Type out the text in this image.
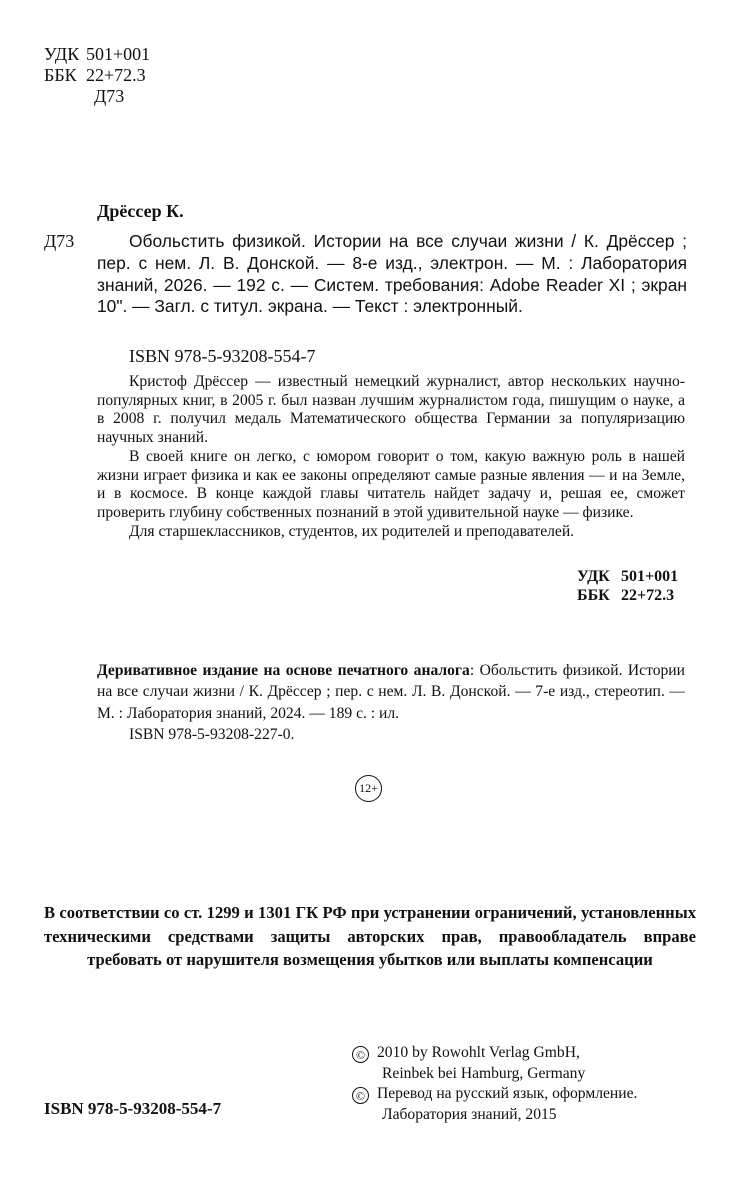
УДК 501+001
ББК 22+72.3
Д73
Дрёссер К.
Д73	Обольстить физикой. Истории на все случаи жизни / К. Дрёссер ; пер. с нем. Л. В. Донской. — 8-е изд., электрон. — М. : Лаборатория знаний, 2026. — 192 с. — Систем. требования: Adobe Reader XI ; экран 10". — Загл. с титул. экрана. — Текст : электронный.
ISBN 978-5-93208-554-7

Кристоф Дрёссер — известный немецкий журналист, автор нескольких научно-популярных книг, в 2005 г. был назван лучшим журналистом года, пишущим о науке, а в 2008 г. получил медаль Математического общества Германии за популяризацию научных знаний.

В своей книге он легко, с юмором говорит о том, какую важную роль в нашей жизни играет физика и как ее законы определяют самые разные явления — и на Земле, и в космосе. В конце каждой главы читатель найдет задачу и, решая ее, сможет проверить глубину собственных познаний в этой удивительной науке — физике.

Для старшеклассников, студентов, их родителей и преподавателей.

УДК 501+001
ББК 22+72.3
Деривативное издание на основе печатного аналога: Обольстить физикой. Истории на все случаи жизни / К. Дрёссер ; пер. с нем. Л. В. Донской. — 7-е изд., стереотип. — М. : Лаборатория знаний, 2024. — 189 с. : ил.
ISBN 978-5-93208-227-0.
12+
В соответствии со ст. 1299 и 1301 ГК РФ при устранении ограничений, установленных техническими средствами защиты авторских прав, правообладатель вправе требовать от нарушителя возмещения убытков или выплаты компенсации
© 2010 by Rowohlt Verlag GmbH,
Reinbek bei Hamburg, Germany
© Перевод на русский язык, оформление.
Лаборатория знаний, 2015
ISBN 978-5-93208-554-7
